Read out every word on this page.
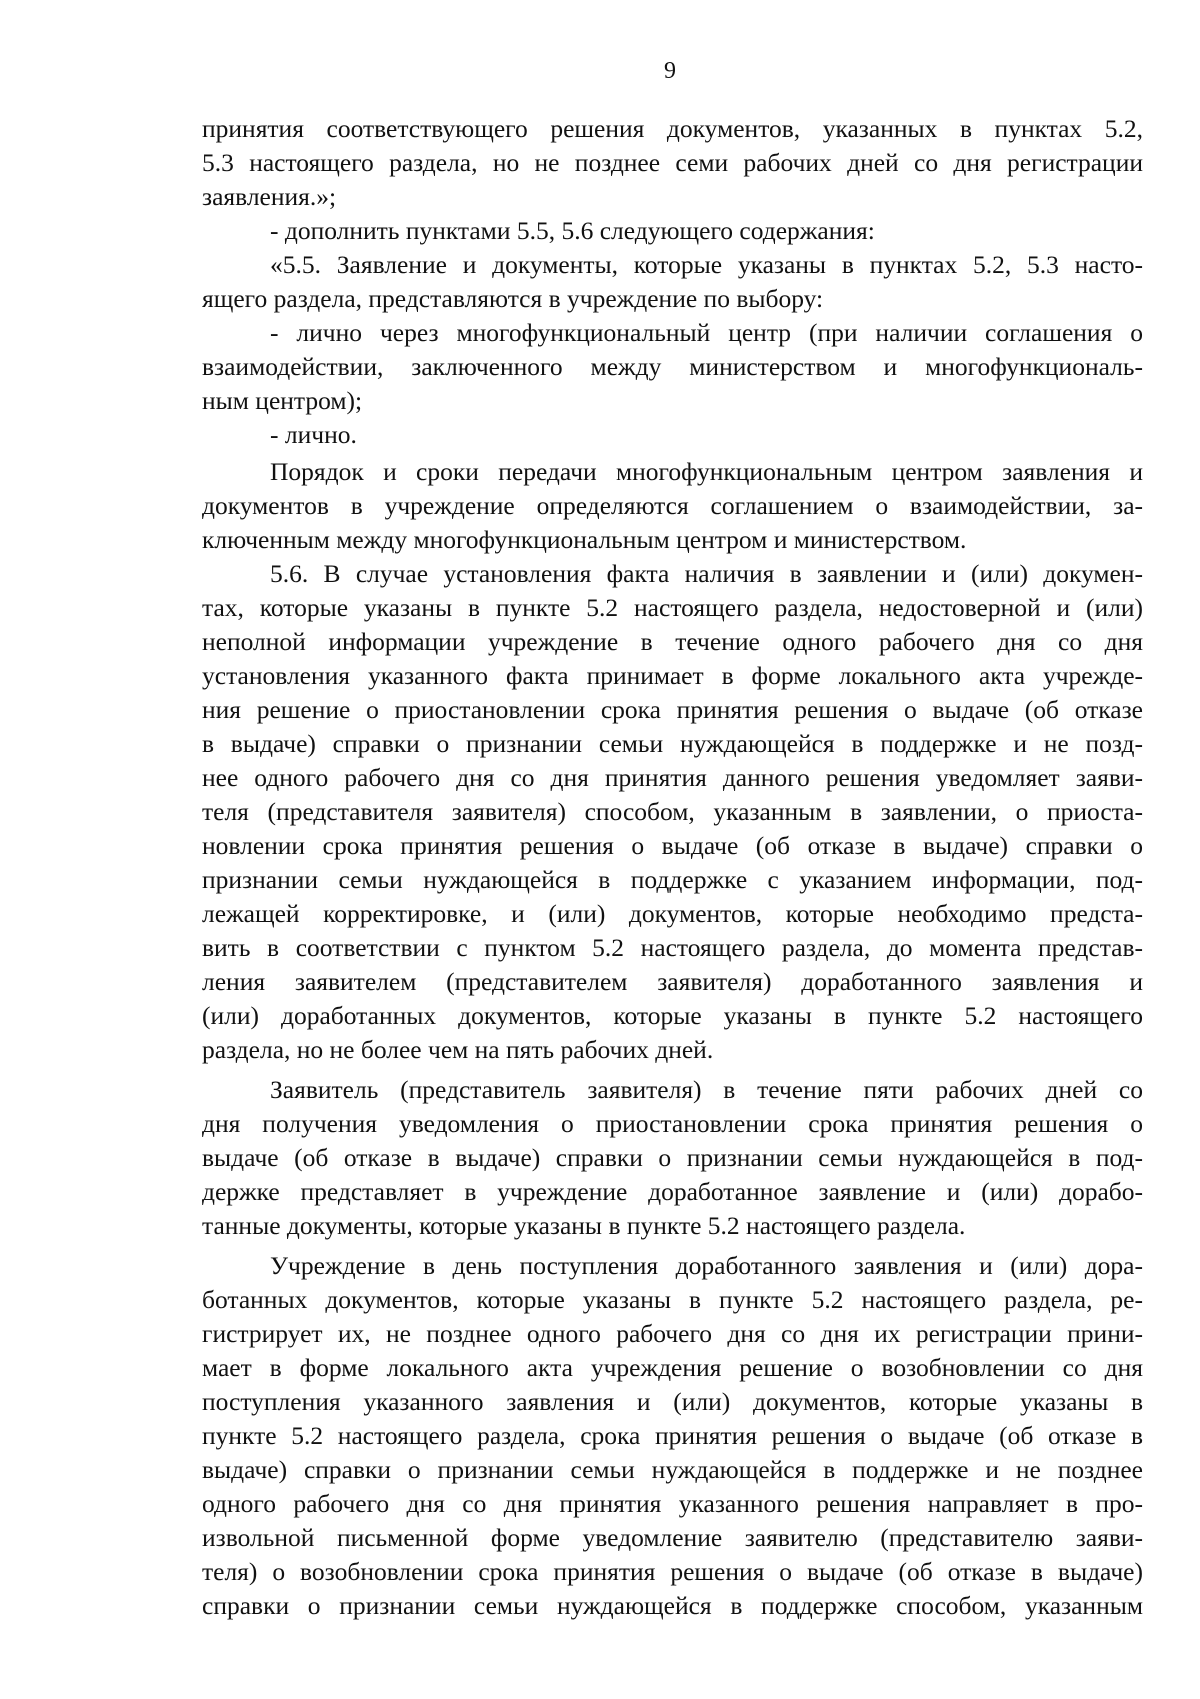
9
принятия соответствующего решения документов, указанных в пунктах 5.2,
5.3 настоящего раздела, но не позднее семи рабочих дней со дня регистрации
заявления.»;
- дополнить пунктами 5.5, 5.6 следующего содержания:
«5.5. Заявление и документы, которые указаны в пунктах 5.2, 5.3 насто-
ящего раздела, представляются в учреждение по выбору:
- лично через многофункциональный центр (при наличии соглашения о
взаимодействии, заключенного между министерством и многофункциональ-
ным центром);
- лично.
Порядок и сроки передачи многофункциональным центром заявления и
документов в учреждение определяются соглашением о взаимодействии, за-
ключенным между многофункциональным центром и министерством.
5.6. В случае установления факта наличия в заявлении и (или) докумен-
тах, которые указаны в пункте 5.2 настоящего раздела, недостоверной и (или)
неполной информации учреждение в течение одного рабочего дня со дня
установления указанного факта принимает в форме локального акта учрежде-
ния решение о приостановлении срока принятия решения о выдаче (об отказе
в выдаче) справки о признании семьи нуждающейся в поддержке и не позд-
нее одного рабочего дня со дня принятия данного решения уведомляет заяви-
теля (представителя заявителя) способом, указанным в заявлении, о приоста-
новлении срока принятия решения о выдаче (об отказе в выдаче) справки о
признании семьи нуждающейся в поддержке с указанием информации, под-
лежащей корректировке, и (или) документов, которые необходимо предста-
вить в соответствии с пунктом 5.2 настоящего раздела, до момента представ-
ления заявителем (представителем заявителя) доработанного заявления и
(или) доработанных документов, которые указаны в пункте 5.2 настоящего
раздела, но не более чем на пять рабочих дней.
Заявитель (представитель заявителя) в течение пяти рабочих дней со
дня получения уведомления о приостановлении срока принятия решения о
выдаче (об отказе в выдаче) справки о признании семьи нуждающейся в под-
держке представляет в учреждение доработанное заявление и (или) дорабо-
танные документы, которые указаны в пункте 5.2 настоящего раздела.
Учреждение в день поступления доработанного заявления и (или) дора-
ботанных документов, которые указаны в пункте 5.2 настоящего раздела, ре-
гистрирует их, не позднее одного рабочего дня со дня их регистрации прини-
мает в форме локального акта учреждения решение о возобновлении со дня
поступления указанного заявления и (или) документов, которые указаны в
пункте 5.2 настоящего раздела, срока принятия решения о выдаче (об отказе в
выдаче) справки о признании семьи нуждающейся в поддержке и не позднее
одного рабочего дня со дня принятия указанного решения направляет в про-
извольной письменной форме уведомление заявителю (представителю заяви-
теля) о возобновлении срока принятия решения о выдаче (об отказе в выдаче)
справки о признании семьи нуждающейся в поддержке способом, указанным
